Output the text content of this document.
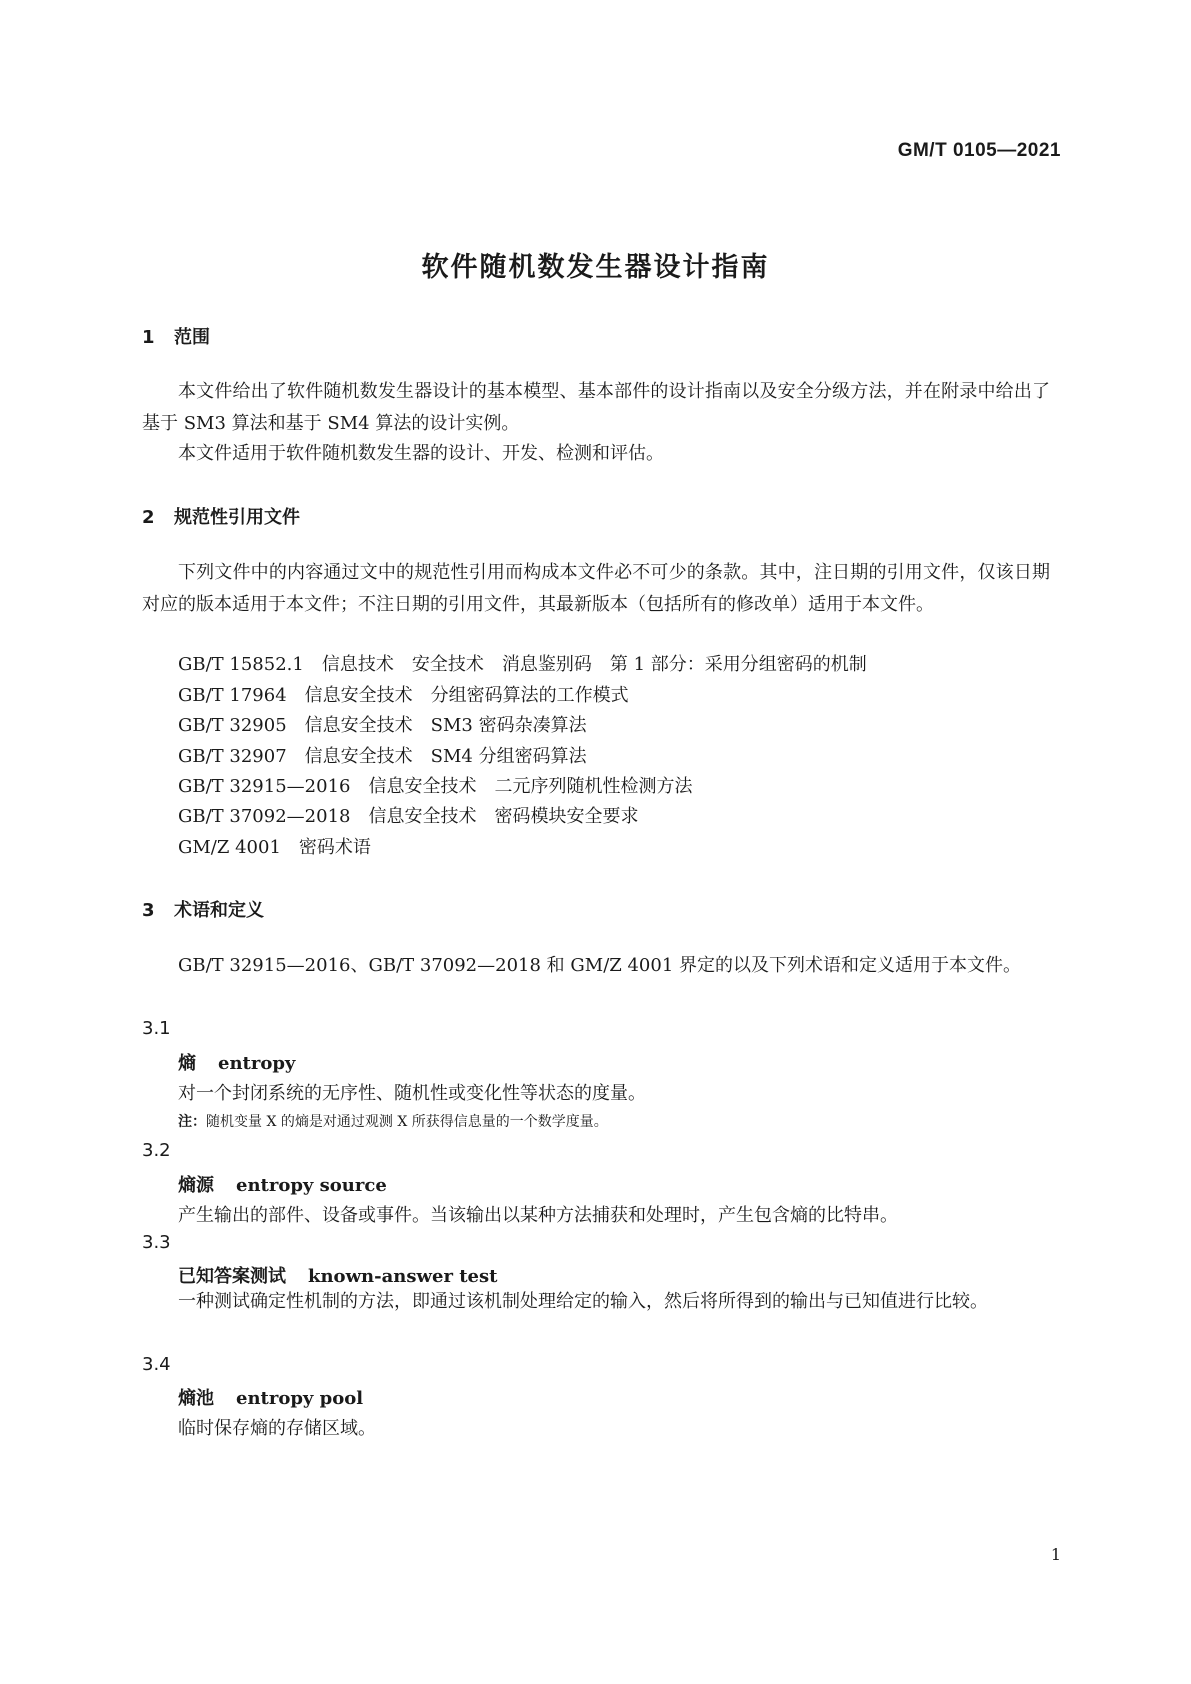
GM/T 0105—2021
软件随机数发生器设计指南
1 范围
本文件给出了软件随机数发生器设计的基本模型、基本部件的设计指南以及安全分级方法，并在附录中给出了基于 SM3 算法和基于 SM4 算法的设计实例。
本文件适用于软件随机数发生器的设计、开发、检测和评估。
2 规范性引用文件
下列文件中的内容通过文中的规范性引用而构成本文件必不可少的条款。其中，注日期的引用文件，仅该日期对应的版本适用于本文件；不注日期的引用文件，其最新版本（包括所有的修改单）适用于本文件。
GB/T 15852.1 信息技术　安全技术　消息鉴别码　第 1 部分：采用分组密码的机制
GB/T 17964 信息安全技术　分组密码算法的工作模式
GB/T 32905 信息安全技术　SM3 密码杂凑算法
GB/T 32907 信息安全技术　SM4 分组密码算法
GB/T 32915—2016 信息安全技术　二元序列随机性检测方法
GB/T 37092—2018 信息安全技术　密码模块安全要求
GM/Z 4001 密码术语
3 术语和定义
GB/T 32915—2016、GB/T 37092—2018 和 GM/Z 4001 界定的以及下列术语和定义适用于本文件。
3.1
熵 entropy
对一个封闭系统的无序性、随机性或变化性等状态的度量。
注：随机变量 X 的熵是对通过观测 X 所获得信息量的一个数学度量。
3.2
熵源 entropy source
产生输出的部件、设备或事件。当该输出以某种方法捕获和处理时，产生包含熵的比特串。
3.3
已知答案测试 known-answer test
一种测试确定性机制的方法，即通过该机制处理给定的输入，然后将所得到的输出与已知值进行比较。
3.4
熵池 entropy pool
临时保存熵的存储区域。
1
